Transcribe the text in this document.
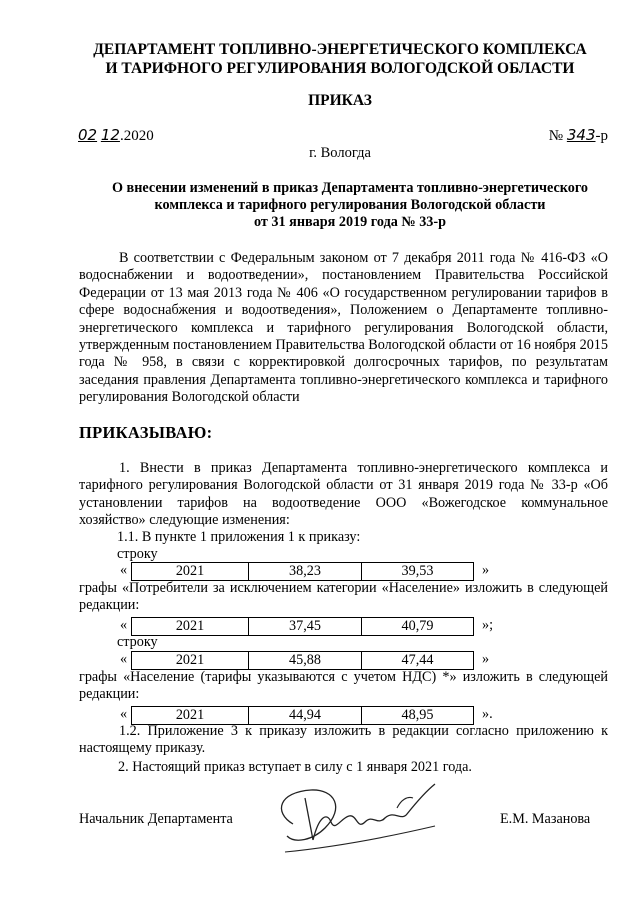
ДЕПАРТАМЕНТ ТОПЛИВНО-ЭНЕРГЕТИЧЕСКОГО КОМПЛЕКСА
И ТАРИФНОГО РЕГУЛИРОВАНИЯ ВОЛОГОДСКОЙ ОБЛАСТИ
ПРИКАЗ
02 12.2020	№ 343-р
г. Вологда
О внесении изменений в приказ Департамента топливно-энергетического
комплекса и тарифного регулирования Вологодской области
от 31 января 2019 года № 33-р
В соответствии с Федеральным законом от 7 декабря 2011 года № 416-ФЗ «О водоснабжении и водоотведении», постановлением Правительства Российской Федерации от 13 мая 2013 года № 406 «О государственном регулировании тарифов в сфере водоснабжения и водоотведения», Положением о Департаменте топливно-энергетического комплекса и тарифного регулирования Вологодской области, утвержденным постановлением Правительства Вологодской области от 16 ноября 2015 года № 958, в связи с корректировкой долгосрочных тарифов, по результатам заседания правления Департамента топливно-энергетического комплекса и тарифного регулирования Вологодской области
ПРИКАЗЫВАЮ:
1. Внести в приказ Департамента топливно-энергетического комплекса и тарифного регулирования Вологодской области от 31 января 2019 года № 33-р «Об установлении тарифов на водоотведение ООО «Вожегодское коммунальное хозяйство» следующие изменения:
1.1. В пункте 1 приложения 1 к приказу:
строку
«	2021	38,23	39,53	»
графы «Потребители за исключением категории «Население» изложить в следующей редакции:
«	2021	37,45	40,79	»;
строку
«	2021	45,88	47,44	»
графы «Население (тарифы указываются с учетом НДС) *» изложить в следующей редакции:
«	2021	44,94	48,95	».
1.2. Приложение 3 к приказу изложить в редакции согласно приложению к настоящему приказу.
2. Настоящий приказ вступает в силу с 1 января 2021 года.
Начальник Департамента	Е.М. Мазанова
